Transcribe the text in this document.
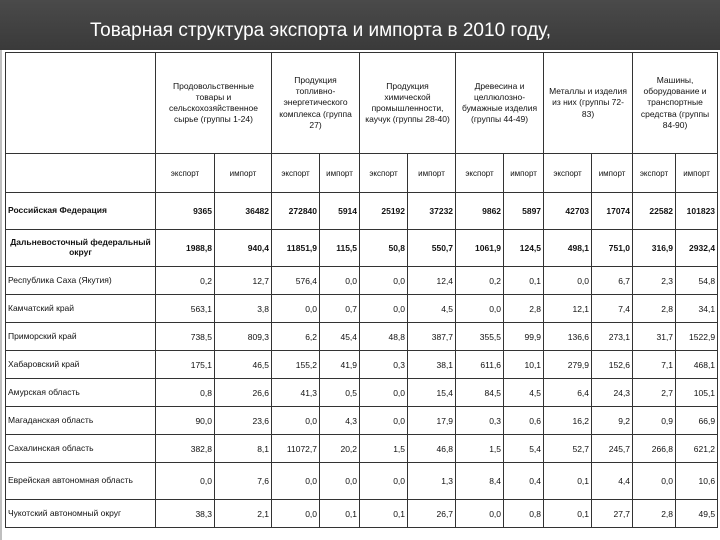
Товарная структура экспорта и импорта в 2010 году,
	Продовольственные товары и сельскохозяйственное сырье (группы 1-24)		Продукция топливно-энергетического комплекса (группа 27)		Продукция химической промышленности, каучук (группы 28-40)		Древесина и целлюлозно-бумажные изделия (группы 44-49)		Металлы и изделия из них (группы 72-83)		Машины, оборудование и транспортные средства (группы 84-90)	
	экспорт	импорт	экспорт	импорт	экспорт	импорт	экспорт	импорт	экспорт	импорт	экспорт	импорт
Российская Федерация	9365	36482	272840	5914	25192	37232	9862	5897	42703	17074	22582	101823
Дальневосточный федеральный округ	1988,8	940,4	11851,9	115,5	50,8	550,7	1061,9	124,5	498,1	751,0	316,9	2932,4
Республика Саха (Якутия)	0,2	12,7	576,4	0,0	0,0	12,4	0,2	0,1	0,0	6,7	2,3	54,8
Камчатский край	563,1	3,8	0,0	0,7	0,0	4,5	0,0	2,8	12,1	7,4	2,8	34,1
Приморский край	738,5	809,3	6,2	45,4	48,8	387,7	355,5	99,9	136,6	273,1	31,7	1522,9
Хабаровский край	175,1	46,5	155,2	41,9	0,3	38,1	611,6	10,1	279,9	152,6	7,1	468,1
Амурская область	0,8	26,6	41,3	0,5	0,0	15,4	84,5	4,5	6,4	24,3	2,7	105,1
Магаданская область	90,0	23,6	0,0	4,3	0,0	17,9	0,3	0,6	16,2	9,2	0,9	66,9
Сахалинская область	382,8	8,1	11072,7	20,2	1,5	46,8	1,5	5,4	52,7	245,7	266,8	621,2
Еврейская автономная область	0,0	7,6	0,0	0,0	0,0	1,3	8,4	0,4	0,1	4,4	0,0	10,6
Чукотский автономный округ	38,3	2,1	0,0	0,1	0,1	26,7	0,0	0,8	0,1	27,7	2,8	49,5
